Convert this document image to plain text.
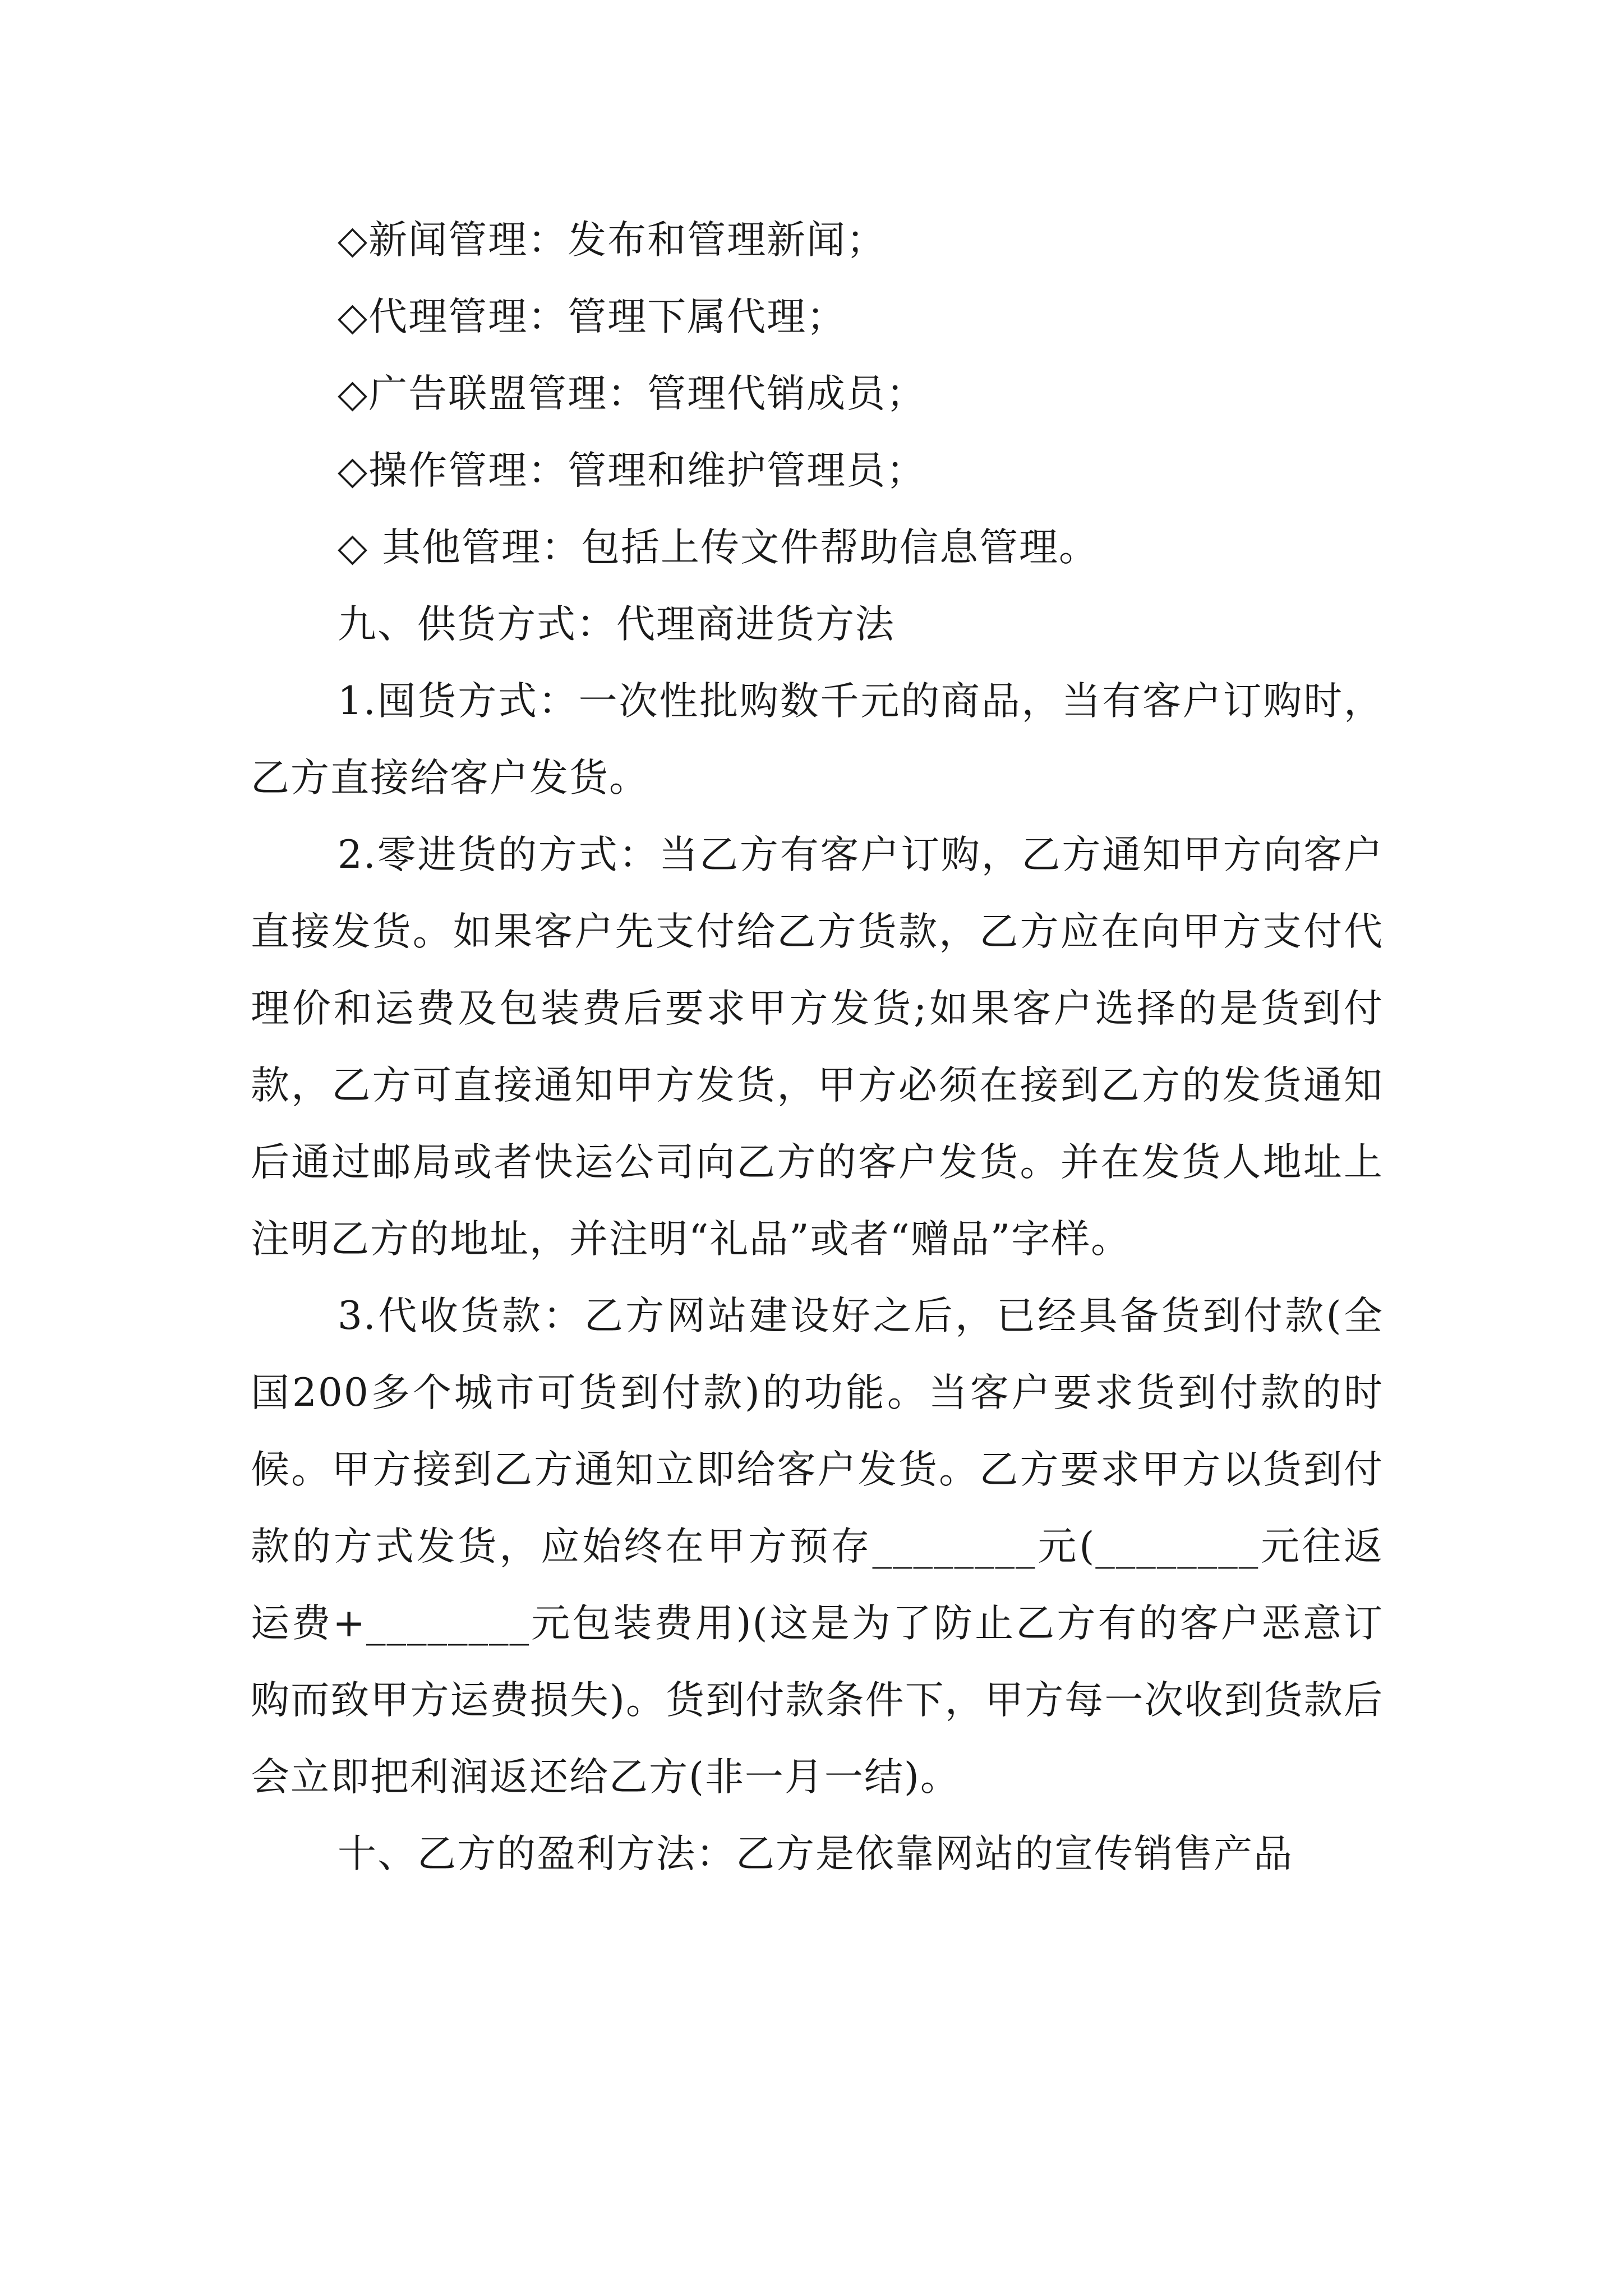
◇新闻管理：发布和管理新闻；

◇代理管理：管理下属代理；

◇广告联盟管理：管理代销成员；

◇操作管理：管理和维护管理员；

◇ 其他管理：包括上传文件帮助信息管理。

九、供货方式：代理商进货方法

1.囤货方式：一次性批购数千元的商品，当有客户订购时，乙方直接给客户发货。

2.零进货的方式：当乙方有客户订购，乙方通知甲方向客户直接发货。如果客户先支付给乙方货款，乙方应在向甲方支付代理价和运费及包装费后要求甲方发货;如果客户选择的是货到付款，乙方可直接通知甲方发货，甲方必须在接到乙方的发货通知后通过邮局或者快运公司向乙方的客户发货。并在发货人地址上注明乙方的地址，并注明“礼品”或者“赠品”字样。

3.代收货款：乙方网站建设好之后，已经具备货到付款(全国200多个城市可货到付款)的功能。当客户要求货到付款的时候。甲方接到乙方通知立即给客户发货。乙方要求甲方以货到付款的方式发货，应始终在甲方预存________元(________元往返运费+________元包装费用)(这是为了防止乙方有的客户恶意订购而致甲方运费损失)。货到付款条件下，甲方每一次收到货款后会立即把利润返还给乙方(非一月一结)。

十、乙方的盈利方法：乙方是依靠网站的宣传销售产品
